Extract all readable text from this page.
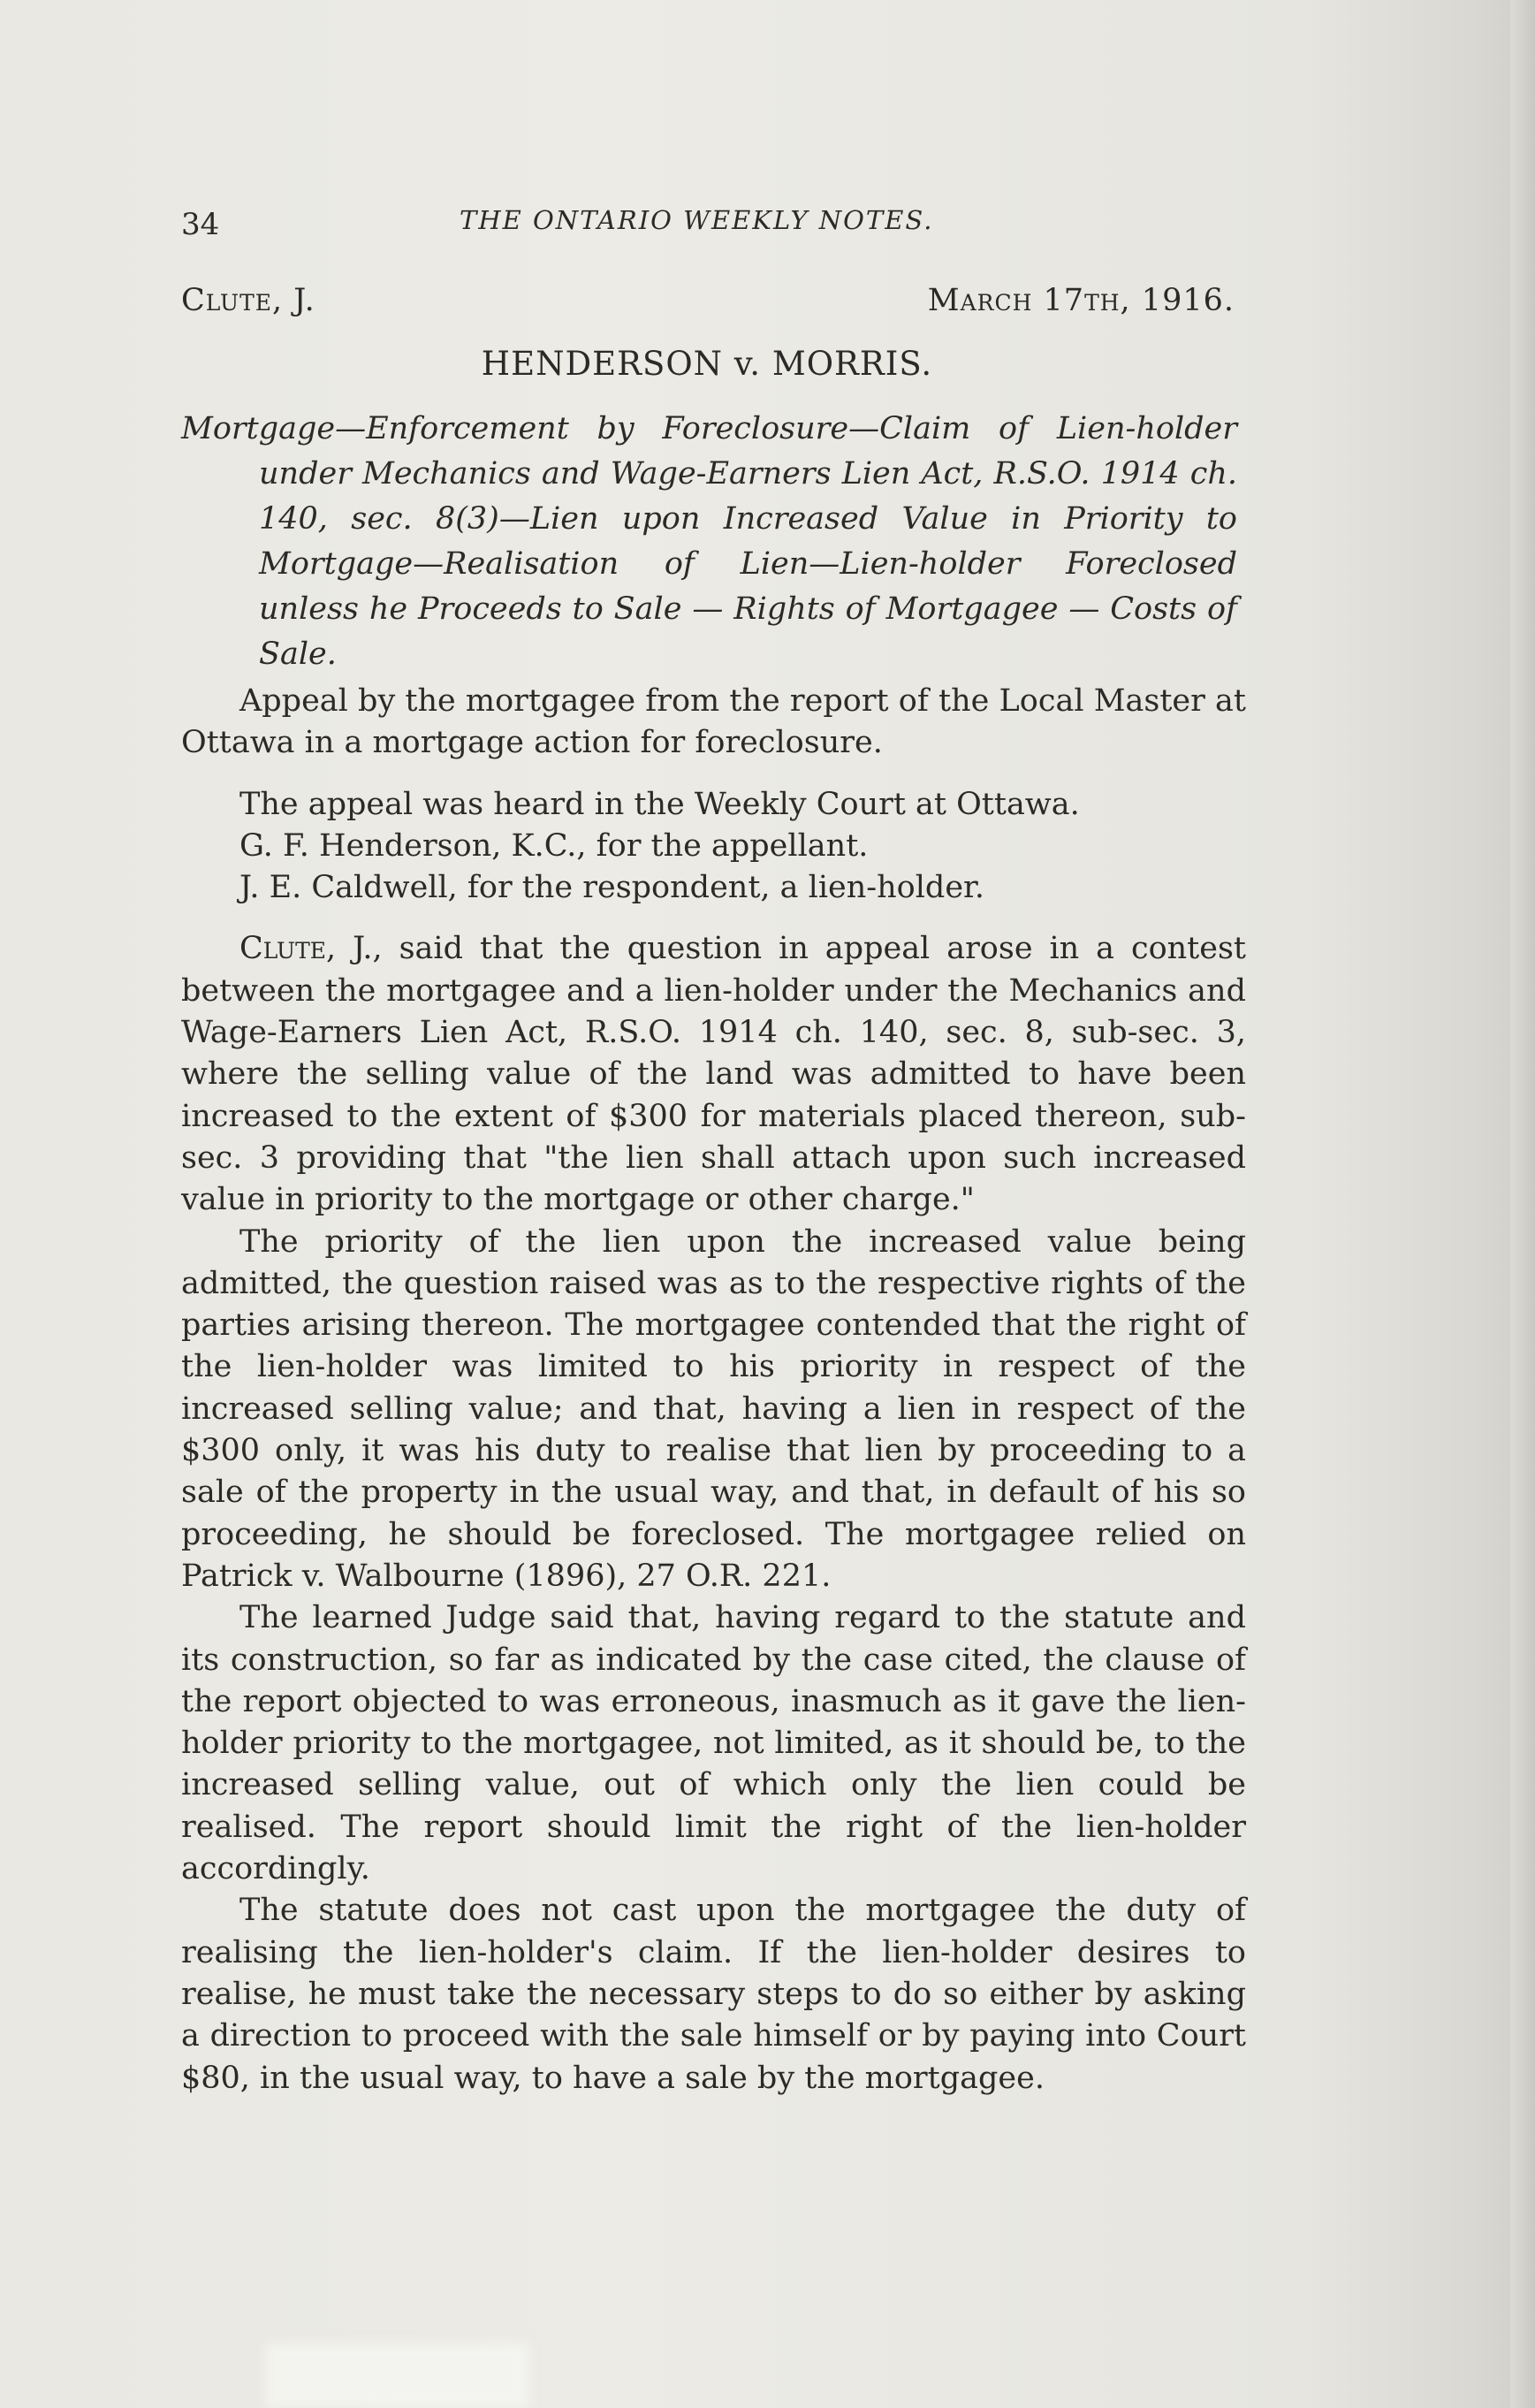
34	THE ONTARIO WEEKLY NOTES.
Clute, J.	March 17th, 1916.
HENDERSON v. MORRIS.
Mortgage—Enforcement by Foreclosure—Claim of Lien-holder under Mechanics and Wage-Earners Lien Act, R.S.O. 1914 ch. 140, sec. 8(3)—Lien upon Increased Value in Priority to Mortgage—Realisation of Lien—Lien-holder Foreclosed unless he Proceeds to Sale — Rights of Mortgagee — Costs of Sale.

Appeal by the mortgagee from the report of the Local Master at Ottawa in a mortgage action for foreclosure.

The appeal was heard in the Weekly Court at Ottawa.

G. F. Henderson, K.C., for the appellant.

J. E. Caldwell, for the respondent, a lien-holder.

Clute, J., said that the question in appeal arose in a contest between the mortgagee and a lien-holder under the Mechanics and Wage-Earners Lien Act, R.S.O. 1914 ch. 140, sec. 8, sub-sec. 3, where the selling value of the land was admitted to have been increased to the extent of $300 for materials placed thereon, sub-sec. 3 providing that "the lien shall attach upon such increased value in priority to the mortgage or other charge."

The priority of the lien upon the increased value being admitted, the question raised was as to the respective rights of the parties arising thereon. The mortgagee contended that the right of the lien-holder was limited to his priority in respect of the increased selling value; and that, having a lien in respect of the $300 only, it was his duty to realise that lien by proceeding to a sale of the property in the usual way, and that, in default of his so proceeding, he should be foreclosed. The mortgagee relied on Patrick v. Walbourne (1896), 27 O.R. 221.

The learned Judge said that, having regard to the statute and its construction, so far as indicated by the case cited, the clause of the report objected to was erroneous, inasmuch as it gave the lien-holder priority to the mortgagee, not limited, as it should be, to the increased selling value, out of which only the lien could be realised. The report should limit the right of the lien-holder accordingly.

The statute does not cast upon the mortgagee the duty of realising the lien-holder's claim. If the lien-holder desires to realise, he must take the necessary steps to do so either by asking a direction to proceed with the sale himself or by paying into Court $80, in the usual way, to have a sale by the mortgagee.
